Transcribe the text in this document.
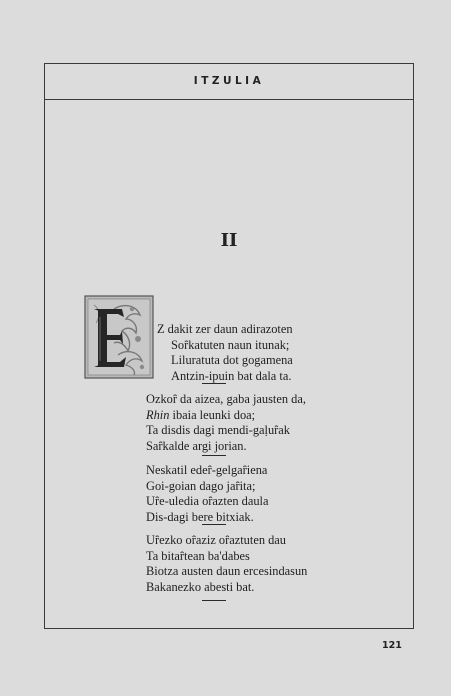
ITZULIA
II
Z dakit zer daun adirazoten
Soȓkatuten naun itunak;
Liluratuta dot gogamena
Antzin-ipuin bat dala ta.
Ozkoȓ da aizea, gaba jausten da,
Rhin ibaia leunki doa;
Ta disdis dagi mendi-gaḷuȓak
Saȓkalde argi jorian.
Neskatil edeȓ-gelgaȓiena
Goi-goian dago jaȓita;
Uȓe-uledia oȓazten daula
Dis-dagi bere bitxiak.
Uȓezko oȓaziz oȓaztuten dau
Ta bitaȓtean ba'dabes
Biotza austen daun ercesindasun
Bakanezko abesti bat.
121
